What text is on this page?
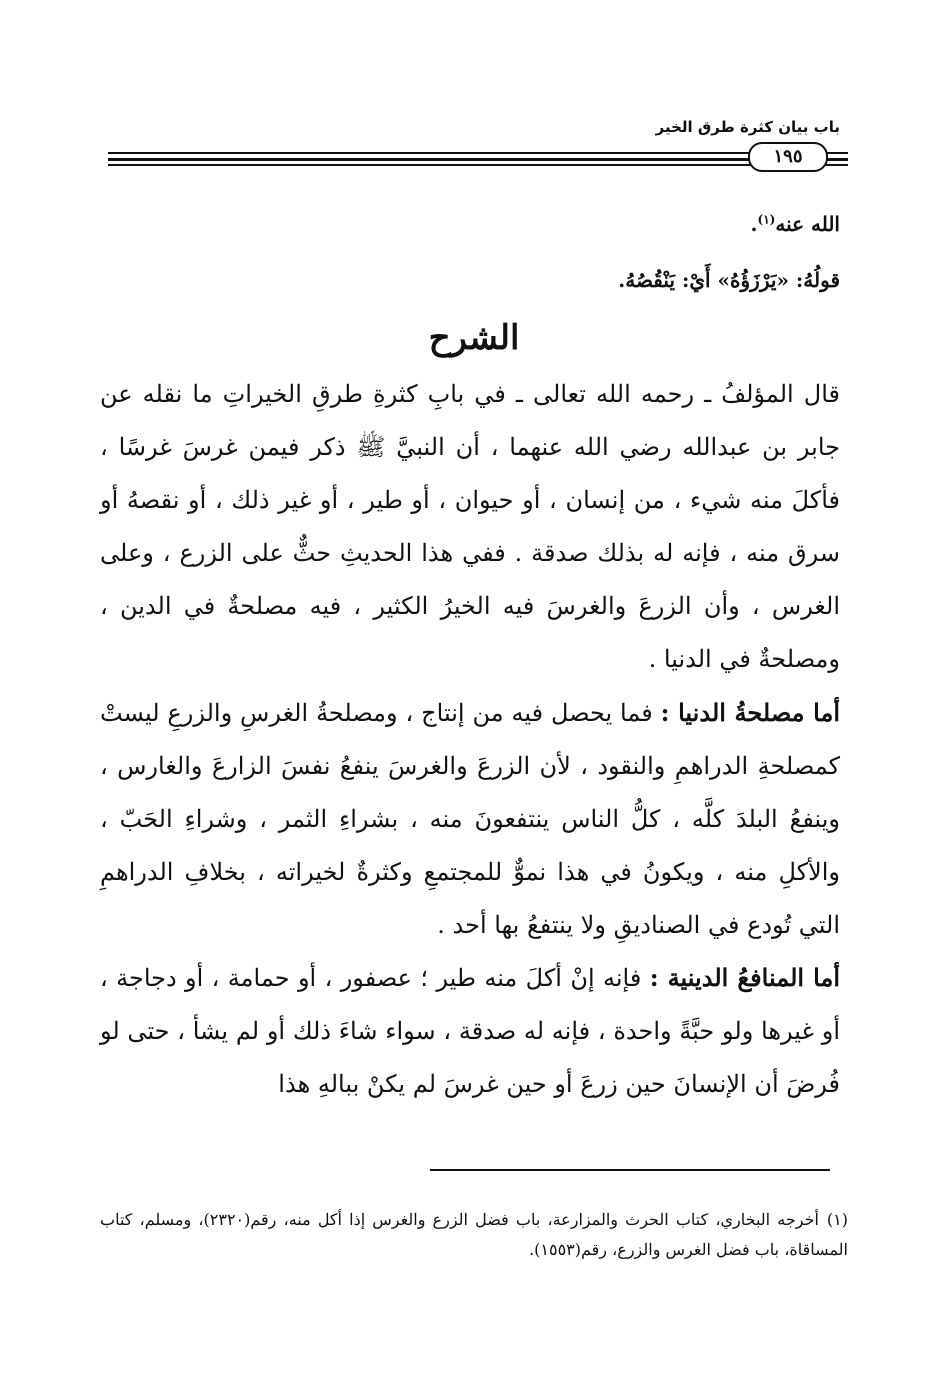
باب بيان كثرة طرق الخير
١٩٥
الله عنه$^{(١)}$.
قولُهُ: «يَرْزَؤُهُ» أَيْ: يَنْقُصُهُ.
الشرح
قال المؤلفُ ـ رحمه الله تعالى ـ في بابِ كثرةِ طرقِ الخيراتِ ما نقله عن جابر بن عبدالله رضي الله عنهما ، أن النبيَّ ﷺ ذكر فيمن غرسَ غرسًا ، فأكلَ منه شيء ، من إنسان ، أو حيوان ، أو طير ، أو غير ذلك ، أو نقصهُ أو سرق منه ، فإنه له بذلك صدقة . ففي هذا الحديثِ حثٌّ على الزرع ، وعلى الغرس ، وأن الزرعَ والغرسَ فيه الخيرُ الكثير ، فيه مصلحةٌ في الدين ، ومصلحةٌ في الدنيا .
أما مصلحةُ الدنيا : فما يحصل فيه من إنتاج ، ومصلحةُ الغرسِ والزرعِ ليستْ كمصلحةِ الدراهمِ والنقود ، لأن الزرعَ والغرسَ ينفعُ نفسَ الزارعَ والغارس ، وينفعُ البلدَ كلَّه ، كلُّ الناس ينتفعونَ منه ، بشراءِ الثمر ، وشراءِ الحَبّ ، والأكلِ منه ، ويكونُ في هذا نموٌّ للمجتمعِ وكثرةٌ لخيراته ، بخلافِ الدراهمِ التي تُودع في الصناديقِ ولا ينتفعُ بها أحد .
أما المنافعُ الدينية : فإنه إنْ أكلَ منه طير ؛ عصفور ، أو حمامة ، أو دجاجة ، أو غيرها ولو حبَّةً واحدة ، فإنه له صدقة ، سواء شاءَ ذلك أو لم يشأ ، حتى لو فُرضَ أن الإنسانَ حين زرعَ أو حين غرسَ لم يكنْ ببالهِ هذا
(١)أخرجه البخاري، كتاب الحرث والمزارعة، باب فضل الزرع والغرس إذا أكل منه، رقم(٢٣٢٠)، ومسلم، كتاب المساقاة، باب فضل الغرس والزرع، رقم(١٥٥٣).
